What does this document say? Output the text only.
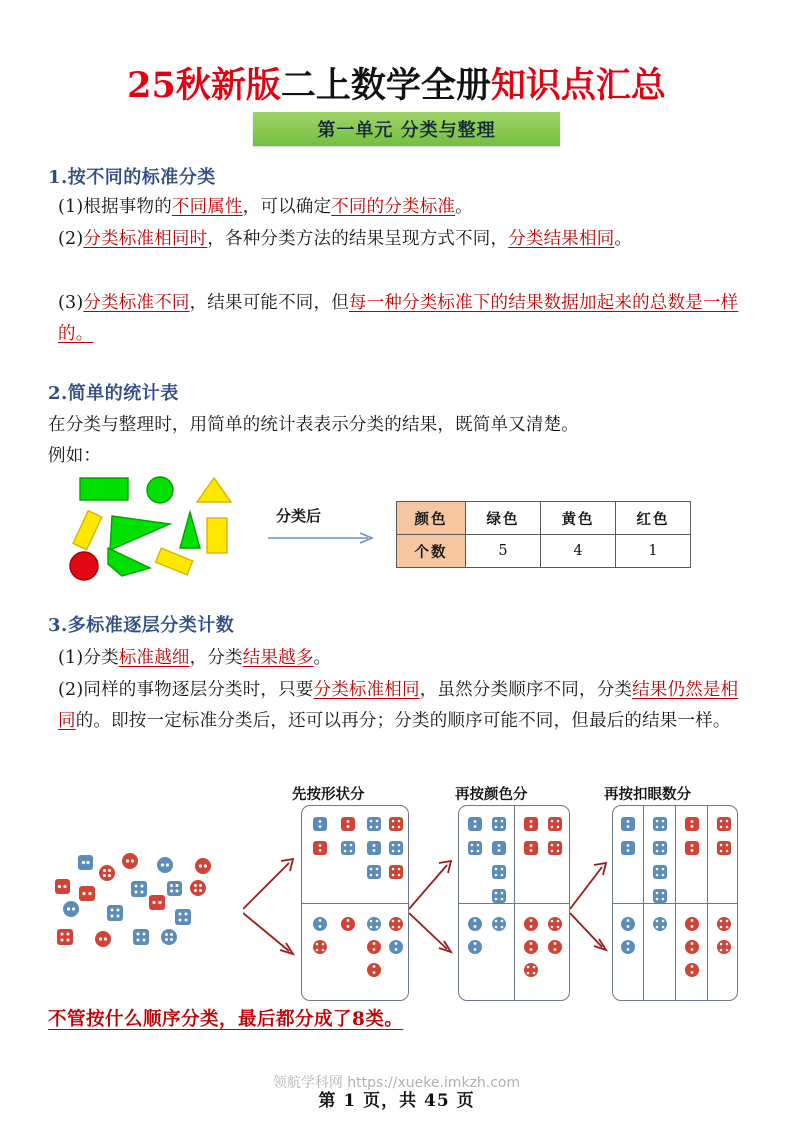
25秋新版二上数学全册知识点汇总
第一单元 分类与整理
1.按不同的标准分类
(1)根据事物的不同属性，可以确定不同的分类标准。
(2)分类标准相同时，各种分类方法的结果呈现方式不同，分类结果相同。
(3)分类标准不同，结果可能不同，但每一种分类标准下的结果数据加起来的总数是一样的。
2.简单的统计表
在分类与整理时，用简单的统计表表示分类的结果，既简单又清楚。
例如：
分类后	颜色	绿色	黄色	红色
个数	5	4	1
3.多标准逐层分类计数
(1)分类标准越细，分类结果越多。
(2)同样的事物逐层分类时，只要分类标准相同，虽然分类顺序不同，分类结果仍然是相同的。即按一定标准分类后，还可以再分；分类的顺序可能不同，但最后的结果一样。
先按形状分	再按颜色分	再按扣眼数分
不管按什么顺序分类，最后都分成了8类。
领航学科网 https://xueke.imkzh.com
第 1 页，共 45 页
